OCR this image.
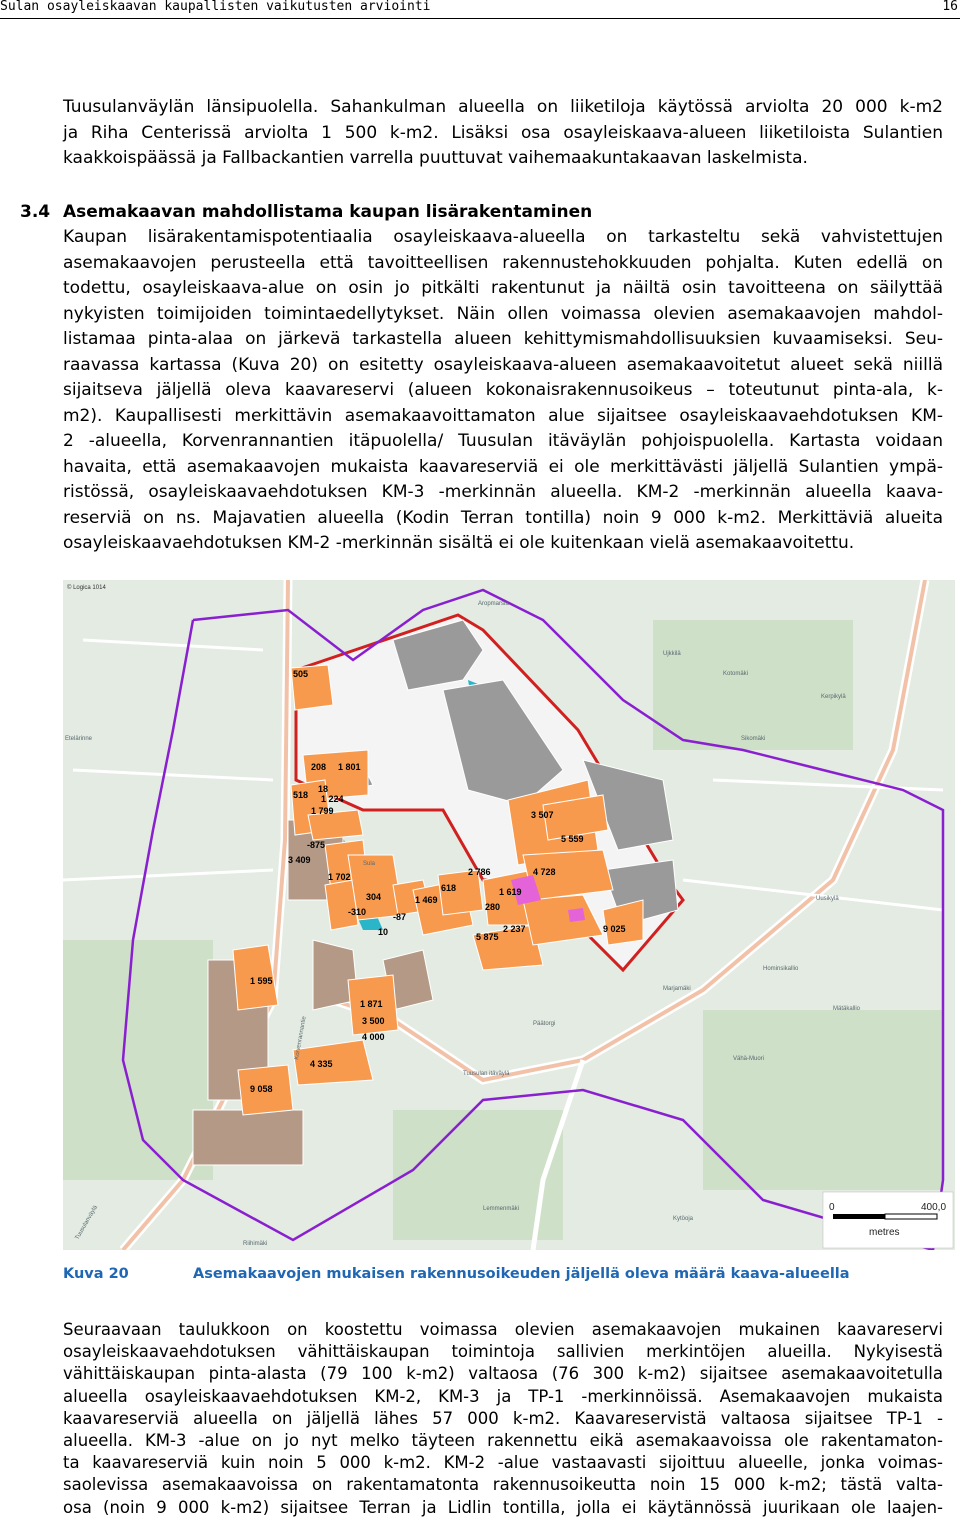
Sulan osayleiskaavan kaupallisten vaikutusten arviointi	16
Tuusulanväylän länsipuolella. Sahankulman alueella on liiketiloja käytössä arviolta 20 000 k-m2
ja Riha Centerissä arviolta 1 500 k-m2. Lisäksi osa osayleiskaava-alueen liiketiloista Sulantien
kaakkoispäässä ja Fallbackantien varrella puuttuvat vaihemaakuntakaavan laskelmista.
3.4 Asemakaavan mahdollistama kaupan lisärakentaminen
Kaupan lisärakentamispotentiaalia osayleiskaava-alueella on tarkasteltu sekä vahvistettujen
asemakaavojen perusteella että tavoitteellisen rakennustehokkuuden pohjalta. Kuten edellä on
todettu, osayleiskaava-alue on osin jo pitkälti rakentunut ja näiltä osin tavoitteena on säilyttää
nykyisten toimijoiden toimintaedellytykset. Näin ollen voimassa olevien asemakaavojen mahdol-
listamaa pinta-alaa on järkevä tarkastella alueen kehittymismahdollisuuksien kuvaamiseksi. Seu-
raavassa kartassa (Kuva 20) on esitetty osayleiskaava-alueen asemakaavoitetut alueet sekä niillä
sijaitseva jäljellä oleva kaavareservi (alueen kokonaisrakennusoikeus – toteutunut pinta-ala, k-
m2). Kaupallisesti merkittävin asemakaavoittamaton alue sijaitsee osayleiskaavaehdotuksen KM-
2 -alueella, Korvenrannantien itäpuolella/ Tuusulan itäväylän pohjoispuolella. Kartasta voidaan
havaita, että asemakaavojen mukaista kaavareserviä ei ole merkittävästi jäljellä Sulantien ympä-
ristössä, osayleiskaavaehdotuksen KM-3 -merkinnän alueella. KM-2 -merkinnän alueella kaava-
reserviä on ns. Majavatien alueella (Kodin Terran tontilla) noin 9 000 k-m2. Merkittäviä alueita
osayleiskaavaehdotuksen KM-2 -merkinnän sisältä ei ole kuitenkaan vielä asemakaavoitettu.
505
208 1 801
518
18
1 224
1 799
-875
3 409
1 702
304
-310	-87
10
1 469
618
2 786
1 619
280
2 237
5 875
3 507
5 559
4 728
9 025
1 595
1 871
3 500
4 000
4 335
9 058
Aropmarsia
Ujkkilä
Kotomäki
Kerpikylä
Sikomäki
Uusikylä
Etelärinne
Sula
Päätorgi
Marjamäki
Hominsikallio
Mätäkallio
Vähä-Muori
Lemmenmäki
Kytöoja
Riihimäki
Tuusulanväylä
Korvenrannantie
Tuusulan itäväylä
© Logica 1014
0	400,0
metres
Kuva 20	Asemakaavojen mukaisen rakennusoikeuden jäljellä oleva määrä kaava-alueella
Seuraavaan taulukkoon on koostettu voimassa olevien asemakaavojen mukainen kaavareservi
osayleiskaavaehdotuksen vähittäiskaupan toimintoja sallivien merkintöjen alueilla. Nykyisestä
vähittäiskaupan pinta-alasta (79 100 k-m2) valtaosa (76 300 k-m2) sijaitsee asemakaavoitetulla
alueella osayleiskaavaehdotuksen KM-2, KM-3 ja TP-1 -merkinnöissä. Asemakaavojen mukaista
kaavareserviä alueella on jäljellä lähes 57 000 k-m2. Kaavareservistä valtaosa sijaitsee TP-1 -
alueella. KM-3 -alue on jo nyt melko täyteen rakennettu eikä asemakaavoissa ole rakentamaton-
ta kaavareserviä kuin noin 5 000 k-m2. KM-2 -alue vastaavasti sijoittuu alueelle, jonka voimas-
saolevissa asemakaavoissa on rakentamatonta rakennusoikeutta noin 15 000 k-m2; tästä valta-
osa (noin 9 000 k-m2) sijaitsee Terran ja Lidlin tontilla, jolla ei käytännössä juurikaan ole laajen-
